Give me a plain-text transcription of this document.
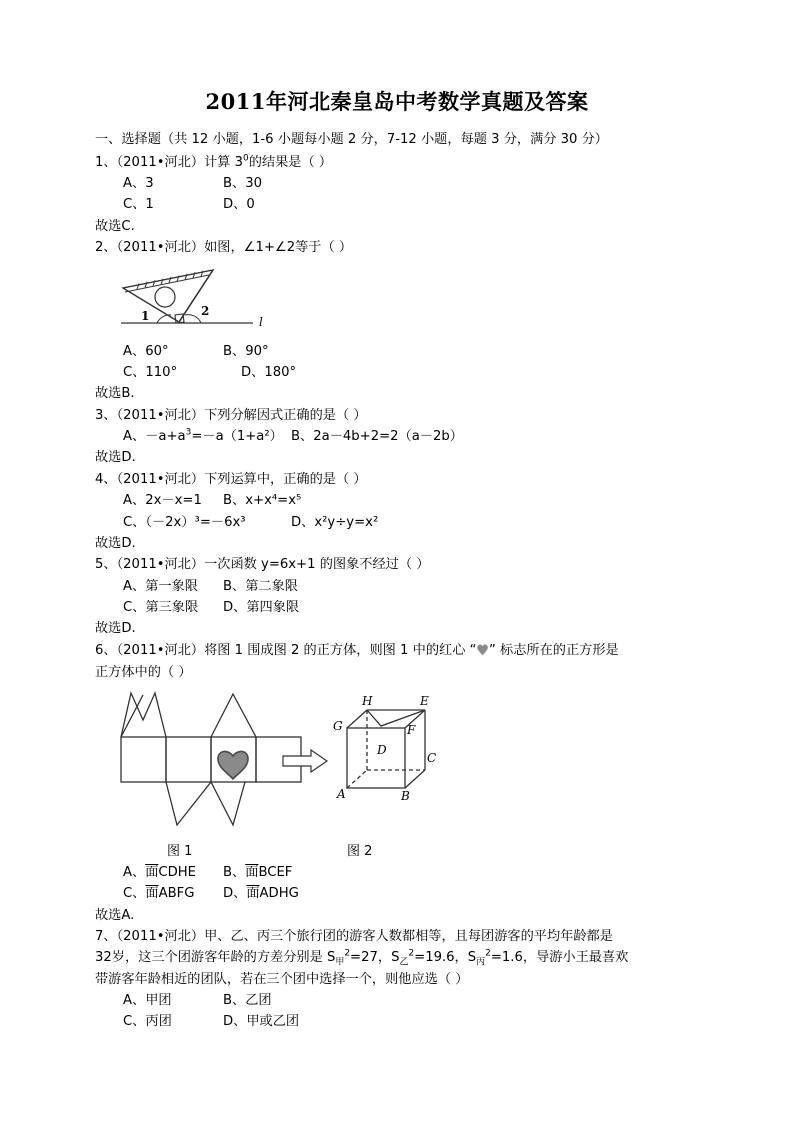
2011年河北秦皇岛中考数学真题及答案
一、选择题（共 12 小题，1-6 小题每小题 2 分，7-12 小题，每题 3 分，满分 30 分）
1、（2011•河北）计算 $3^0$的结果是（ ）
A、3	B、30
C、1	D、0
故选C.
2、（2011•河北）如图，∠1+∠2等于（ ）
1	2
l
A、60°	B、90°
C、110°	D、180°
故选B.
3、（2011•河北）下列分解因式正确的是（ ）
A、$-a+a^3=-a(1+a^2)$ B、2a－4b+2=2（a－2b）
故选D.
4、（2011•河北）下列运算中，正确的是（ ）
A、2x－x=1 B、x+x⁴=x⁵
C、（－2x）³=－6x³	D、x²y÷y=x²
故选D.
5、（2011•河北）一次函数 y=6x+1 的图象不经过（ ）
A、第一象限 B、第二象限
C、第三象限 D、第四象限
故选D.
6、（2011•河北）将图 1 围成图 2 的正方体，则图 1 中的红心 “♥” 标志所在的正方形是
正方体中的（ ）
H	E
G	F
D
C
A	B
图 1	图 2
A、面CDHE B、面BCEF
C、面ABFG D、面ADHG
故选A.
7、（2011•河北）甲、乙、丙三个旅行团的游客人数都相等，且每团游客的平均年龄都是
32岁，这三个团游客年龄的方差分别是 $S_甲^2=27$，$S_乙^2=19.6$，$S_丙^2=1.6$，导游小王最喜欢
带游客年龄相近的团队，若在三个团中选择一个，则他应选（ ）
A、甲团	B、乙团
C、丙团	D、甲或乙团
